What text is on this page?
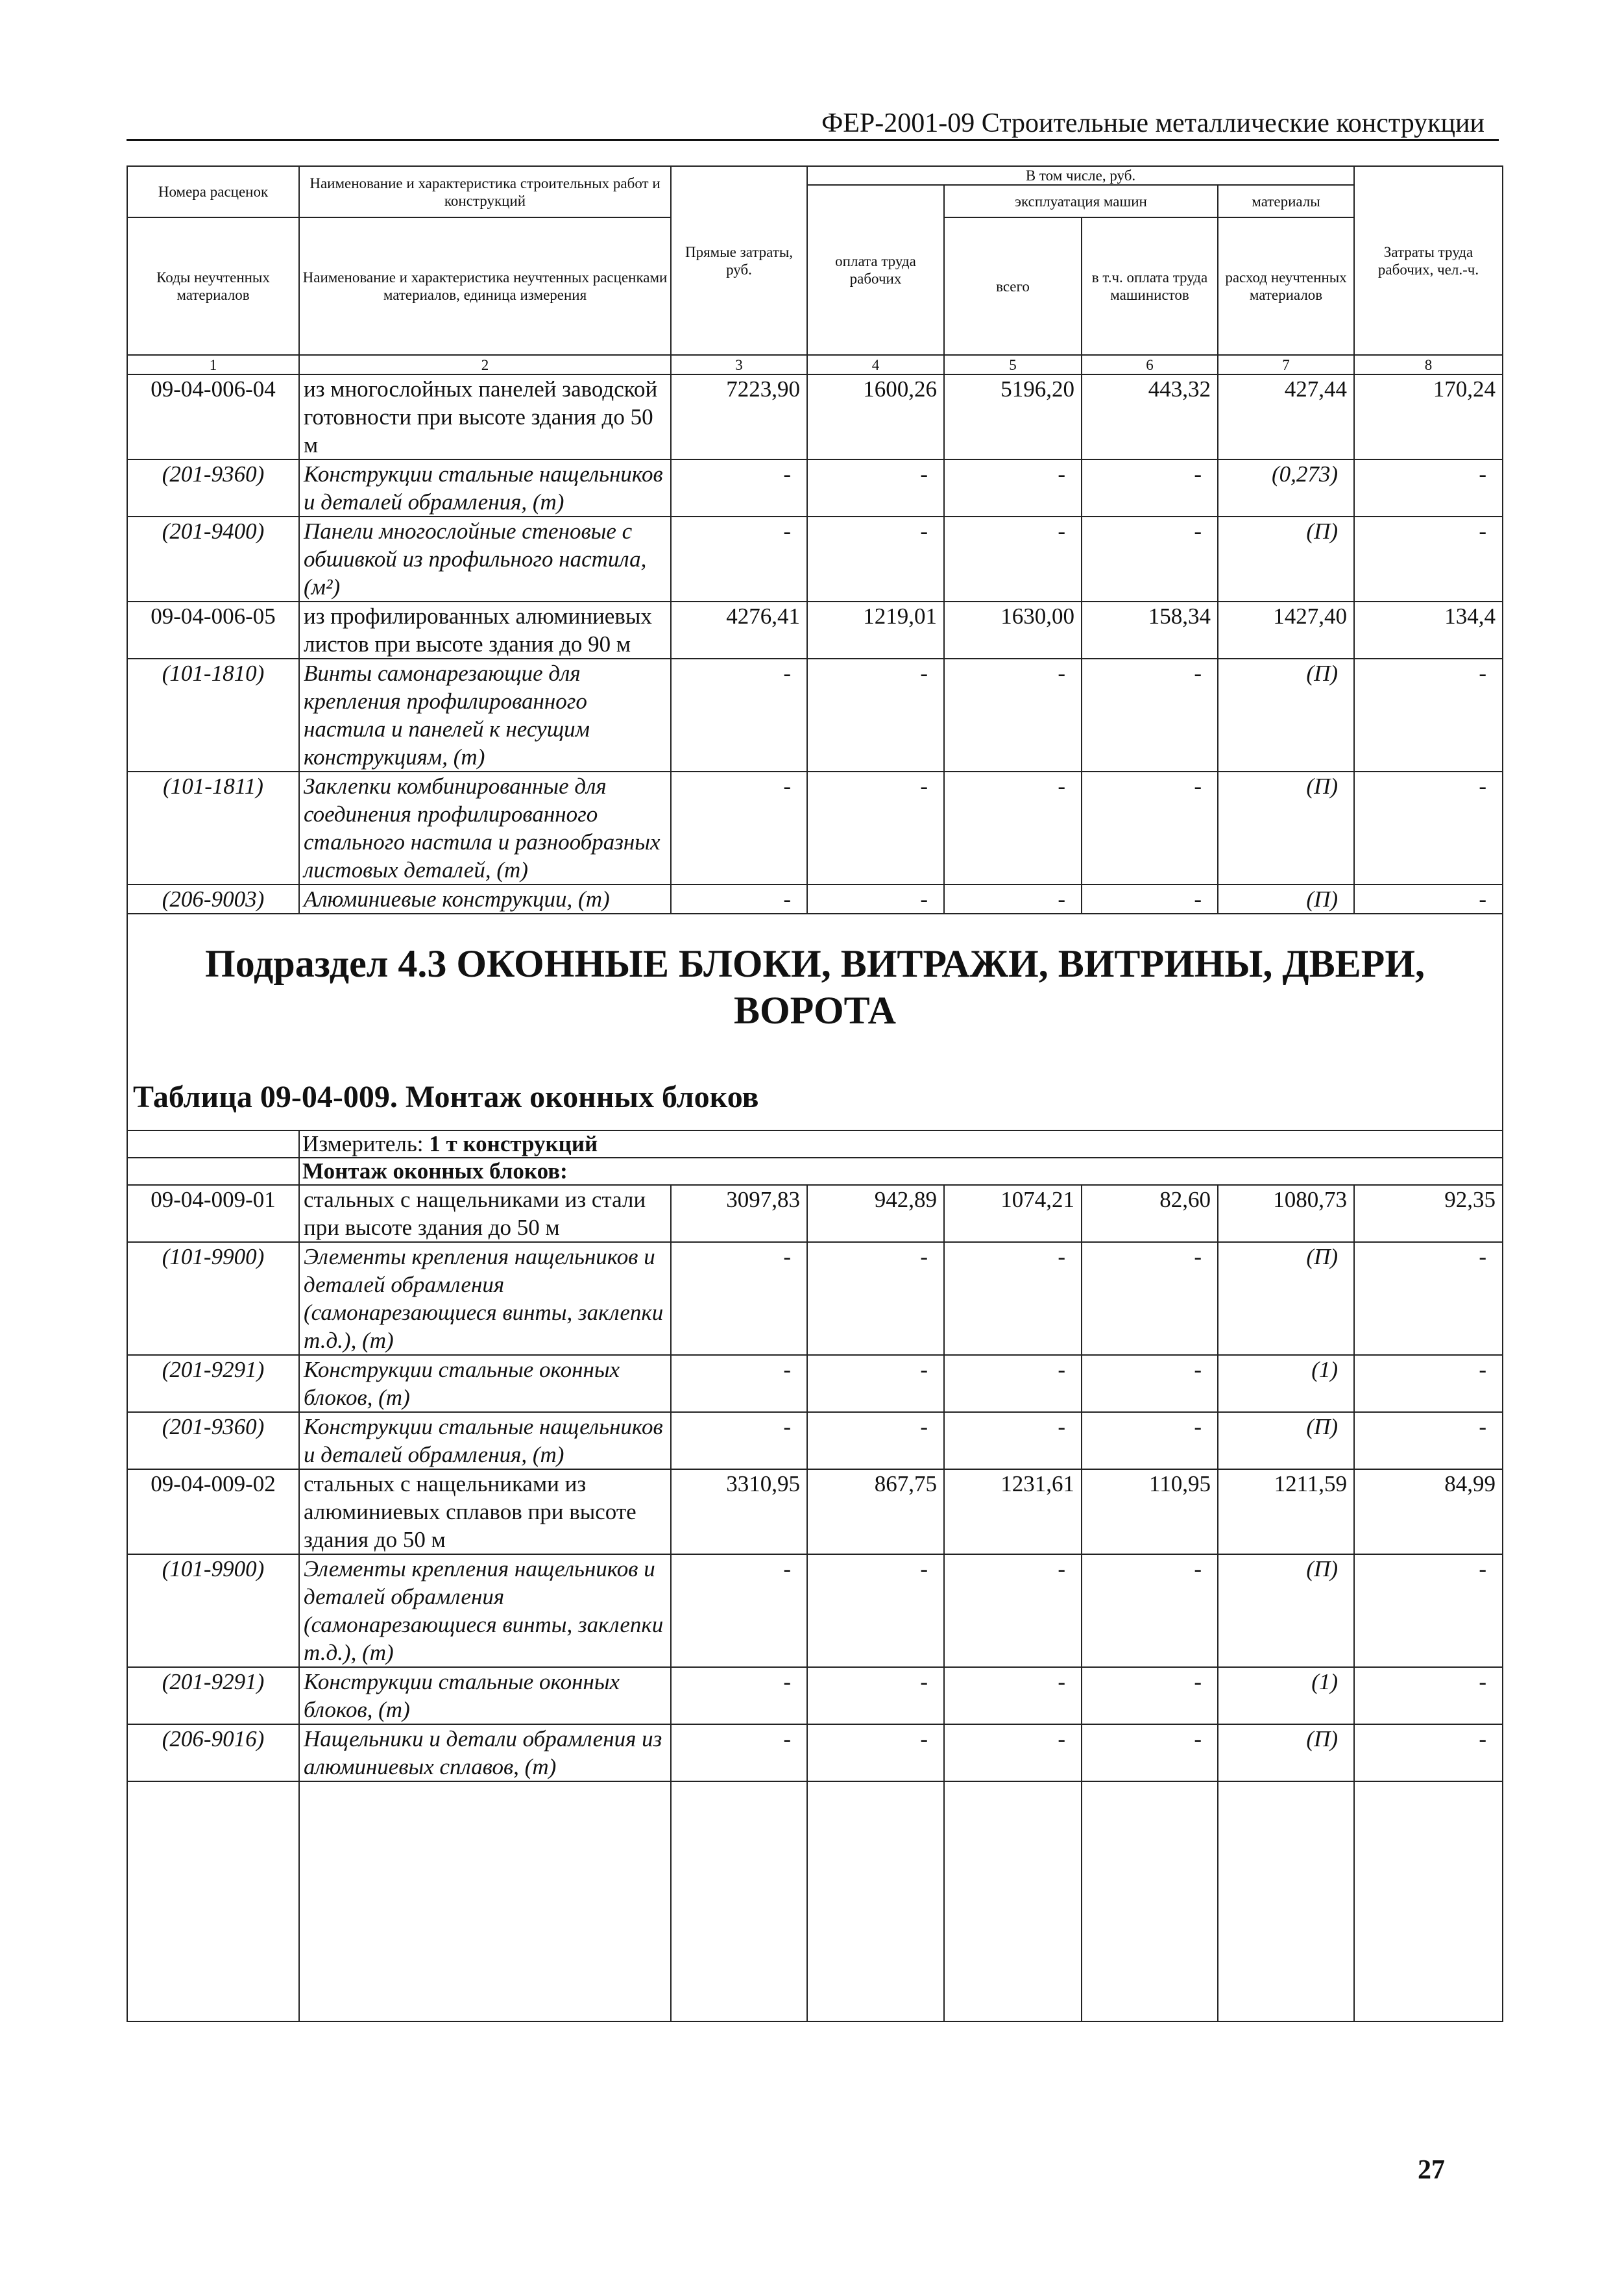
ФЕР-2001-09 Строительные металлические конструкции
Номера расценок	Наименование и характеристика строительных работ и конструкций	Прямые затраты, руб.	В том числе, руб.				Затраты труда рабочих, чел.-ч.
			оплата труда рабочих	эксплуатация машин		материалы	

Коды неучтенных материалов	Наименование и характеристика неучтенных расценками материалов, единица измерения			всего	в т.ч. оплата труда машинистов	расход неучтенных материалов	

1	2	3	4	5	6	7	8
09-04-006-04	из многослойных панелей заводской готовности при высоте здания до 50 м	7223,90	1600,26	5196,20	443,32	427,44	170,24
(201-9360)	Конструкции стальные нащельников и деталей обрамления, (т)	-	-	-	-	(0,273)	-
(201-9400)	Панели многослойные стеновые с обшивкой из профильного настила, (м²)	-	-	-	-	(П)	-
09-04-006-05	из профилированных алюминиевых листов при высоте здания до 90 м	4276,41	1219,01	1630,00	158,34	1427,40	134,4
(101-1810)	Винты самонарезающие для крепления профилированного настила и панелей к несущим конструкциям, (т)	-	-	-	-	(П)	-
(101-1811)	Заклепки комбинированные для соединения профилированного стального настила и разнообразных листовых деталей, (т)	-	-	-	-	(П)	-
(206-9003)	Алюминиевые конструкции, (т)	-	-	-	-	(П)	-

Подраздел 4.3 ОКОННЫЕ БЛОКИ, ВИТРАЖИ, ВИТРИНЫ, ДВЕРИ, ВОРОТА
Таблица 09-04-009. Монтаж оконных блоков							

	Измеритель: 1 т конструкций						
	Монтаж оконных блоков:						
09-04-009-01	стальных с нащельниками из стали при высоте здания до 50 м	3097,83	942,89	1074,21	82,60	1080,73	92,35
(101-9900)	Элементы крепления нащельников и деталей обрамления (самонарезающиеся винты, заклепки т.д.), (т)	-	-	-	-	(П)	-
(201-9291)	Конструкции стальные оконных блоков, (т)	-	-	-	-	(1)	-
(201-9360)	Конструкции стальные нащельников и деталей обрамления, (т)	-	-	-	-	(П)	-
09-04-009-02	стальных с нащельниками из алюминиевых сплавов при высоте здания до 50 м	3310,95	867,75	1231,61	110,95	1211,59	84,99
(101-9900)	Элементы крепления нащельников и деталей обрамления (самонарезающиеся винты, заклепки т.д.), (т)	-	-	-	-	(П)	-
(201-9291)	Конструкции стальные оконных блоков, (т)	-	-	-	-	(1)	-
(206-9016)	Нащельники и детали обрамления из алюминиевых сплавов, (т)	-	-	-	-	(П)	-

27
